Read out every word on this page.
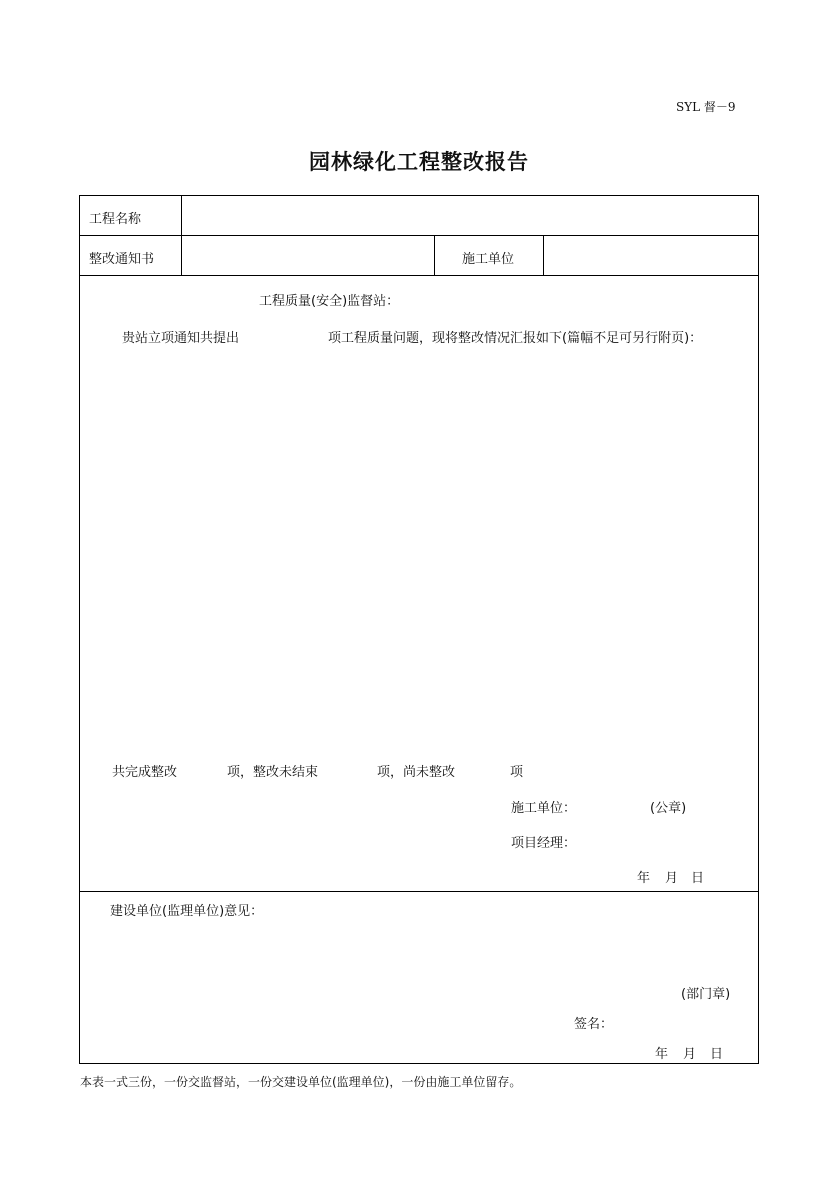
SYL 督－9
园林绿化工程整改报告
工程名称
整改通知书	施工单位
工程质量(安全)监督站：
贵站立项通知共提出	项工程质量问题，现将整改情况汇报如下(篇幅不足可另行附页)：
共完成整改	项，整改未结束	项，尚未整改	项
施工单位：	(公章)
项目经理：
年 月 日
建设单位(监理单位)意见：
(部门章)
签名：
年 月 日
本表一式三份，一份交监督站，一份交建设单位(监理单位)，一份由施工单位留存。
